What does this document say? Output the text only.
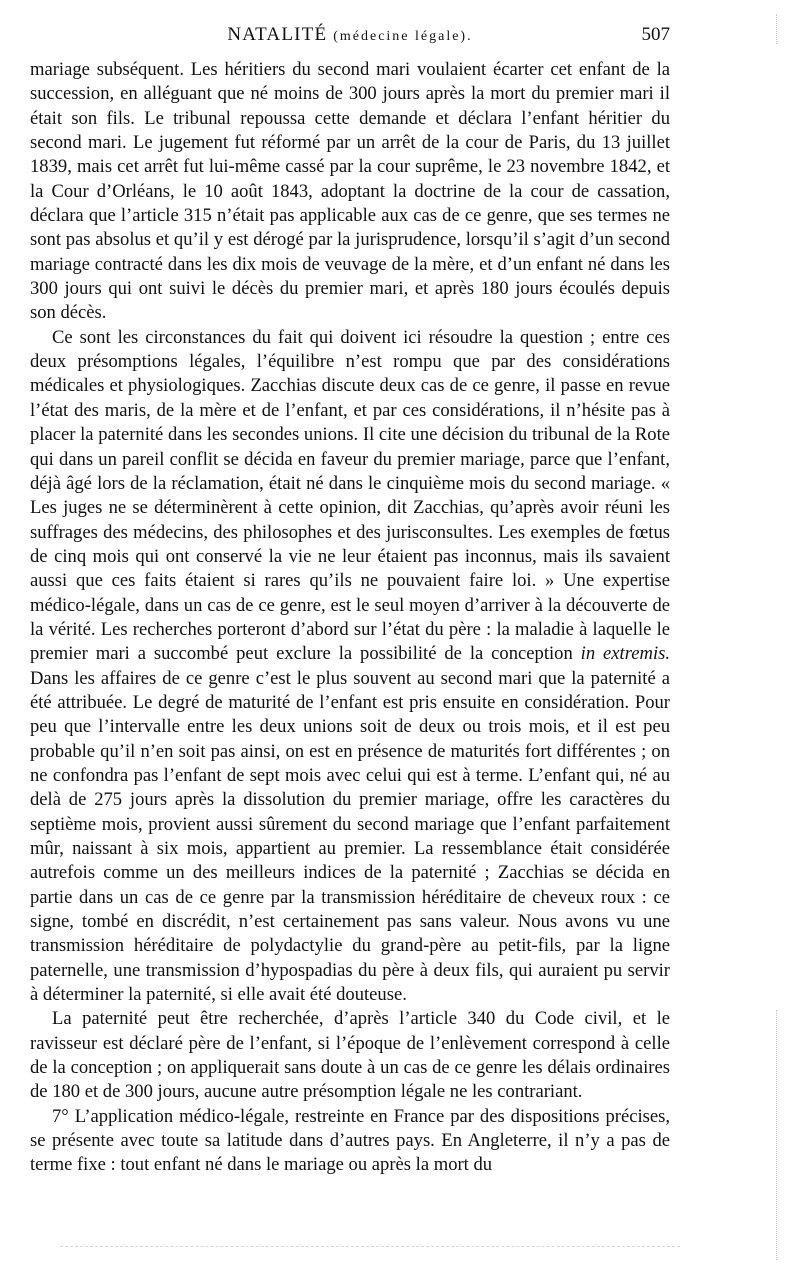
NATALITÉ (médecine légale).	507

mariage subséquent. Les héritiers du second mari voulaient écarter cet enfant de la succession, en alléguant que né moins de 300 jours après la mort du premier mari il était son fils. Le tribunal repoussa cette demande et déclara l’enfant héritier du second mari. Le jugement fut réformé par un arrêt de la cour de Paris, du 13 juillet 1839, mais cet arrêt fut lui-même cassé par la cour suprême, le 23 novembre 1842, et la Cour d’Orléans, le 10 août 1843, adoptant la doctrine de la cour de cassation, déclara que l’article 315 n’était pas applicable aux cas de ce genre, que ses termes ne sont pas absolus et qu’il y est dérogé par la jurisprudence, lorsqu’il s’agit d’un second mariage contracté dans les dix mois de veuvage de la mère, et d’un enfant né dans les 300 jours qui ont suivi le décès du premier mari, et après 180 jours écoulés depuis son décès.

Ce sont les circonstances du fait qui doivent ici résoudre la question ; entre ces deux présomptions légales, l’équilibre n’est rompu que par des considérations médicales et physiologiques. Zacchias discute deux cas de ce genre, il passe en revue l’état des maris, de la mère et de l’enfant, et par ces considérations, il n’hésite pas à placer la paternité dans les secondes unions. Il cite une décision du tribunal de la Rote qui dans un pareil conflit se décida en faveur du premier mariage, parce que l’enfant, déjà âgé lors de la réclamation, était né dans le cinquième mois du second mariage. « Les juges ne se déterminèrent à cette opinion, dit Zacchias, qu’après avoir réuni les suffrages des médecins, des philosophes et des jurisconsultes. Les exemples de fœtus de cinq mois qui ont conservé la vie ne leur étaient pas inconnus, mais ils savaient aussi que ces faits étaient si rares qu’ils ne pouvaient faire loi. » Une expertise médico-légale, dans un cas de ce genre, est le seul moyen d’arriver à la découverte de la vérité. Les recherches porteront d’abord sur l’état du père : la maladie à laquelle le premier mari a succombé peut exclure la possibilité de la conception in extremis. Dans les affaires de ce genre c’est le plus souvent au second mari que la paternité a été attribuée. Le degré de maturité de l’enfant est pris ensuite en considération. Pour peu que l’intervalle entre les deux unions soit de deux ou trois mois, et il est peu probable qu’il n’en soit pas ainsi, on est en présence de maturités fort différentes ; on ne confondra pas l’enfant de sept mois avec celui qui est à terme. L’enfant qui, né au delà de 275 jours après la dissolution du premier mariage, offre les caractères du septième mois, provient aussi sûrement du second mariage que l’enfant parfaitement mûr, naissant à six mois, appartient au premier. La ressemblance était considérée autrefois comme un des meilleurs indices de la paternité ; Zacchias se décida en partie dans un cas de ce genre par la transmission héréditaire de cheveux roux : ce signe, tombé en discrédit, n’est certainement pas sans valeur. Nous avons vu une transmission héréditaire de polydactylie du grand-père au petit-fils, par la ligne paternelle, une transmission d’hypospadias du père à deux fils, qui auraient pu servir à déterminer la paternité, si elle avait été douteuse.

La paternité peut être recherchée, d’après l’article 340 du Code civil, et le ravisseur est déclaré père de l’enfant, si l’époque de l’enlèvement correspond à celle de la conception ; on appliquerait sans doute à un cas de ce genre les délais ordinaires de 180 et de 300 jours, aucune autre présomption légale ne les contrariant.

7° L’application médico-légale, restreinte en France par des dispositions précises, se présente avec toute sa latitude dans d’autres pays. En Angleterre, il n’y a pas de terme fixe : tout enfant né dans le mariage ou après la mort du
